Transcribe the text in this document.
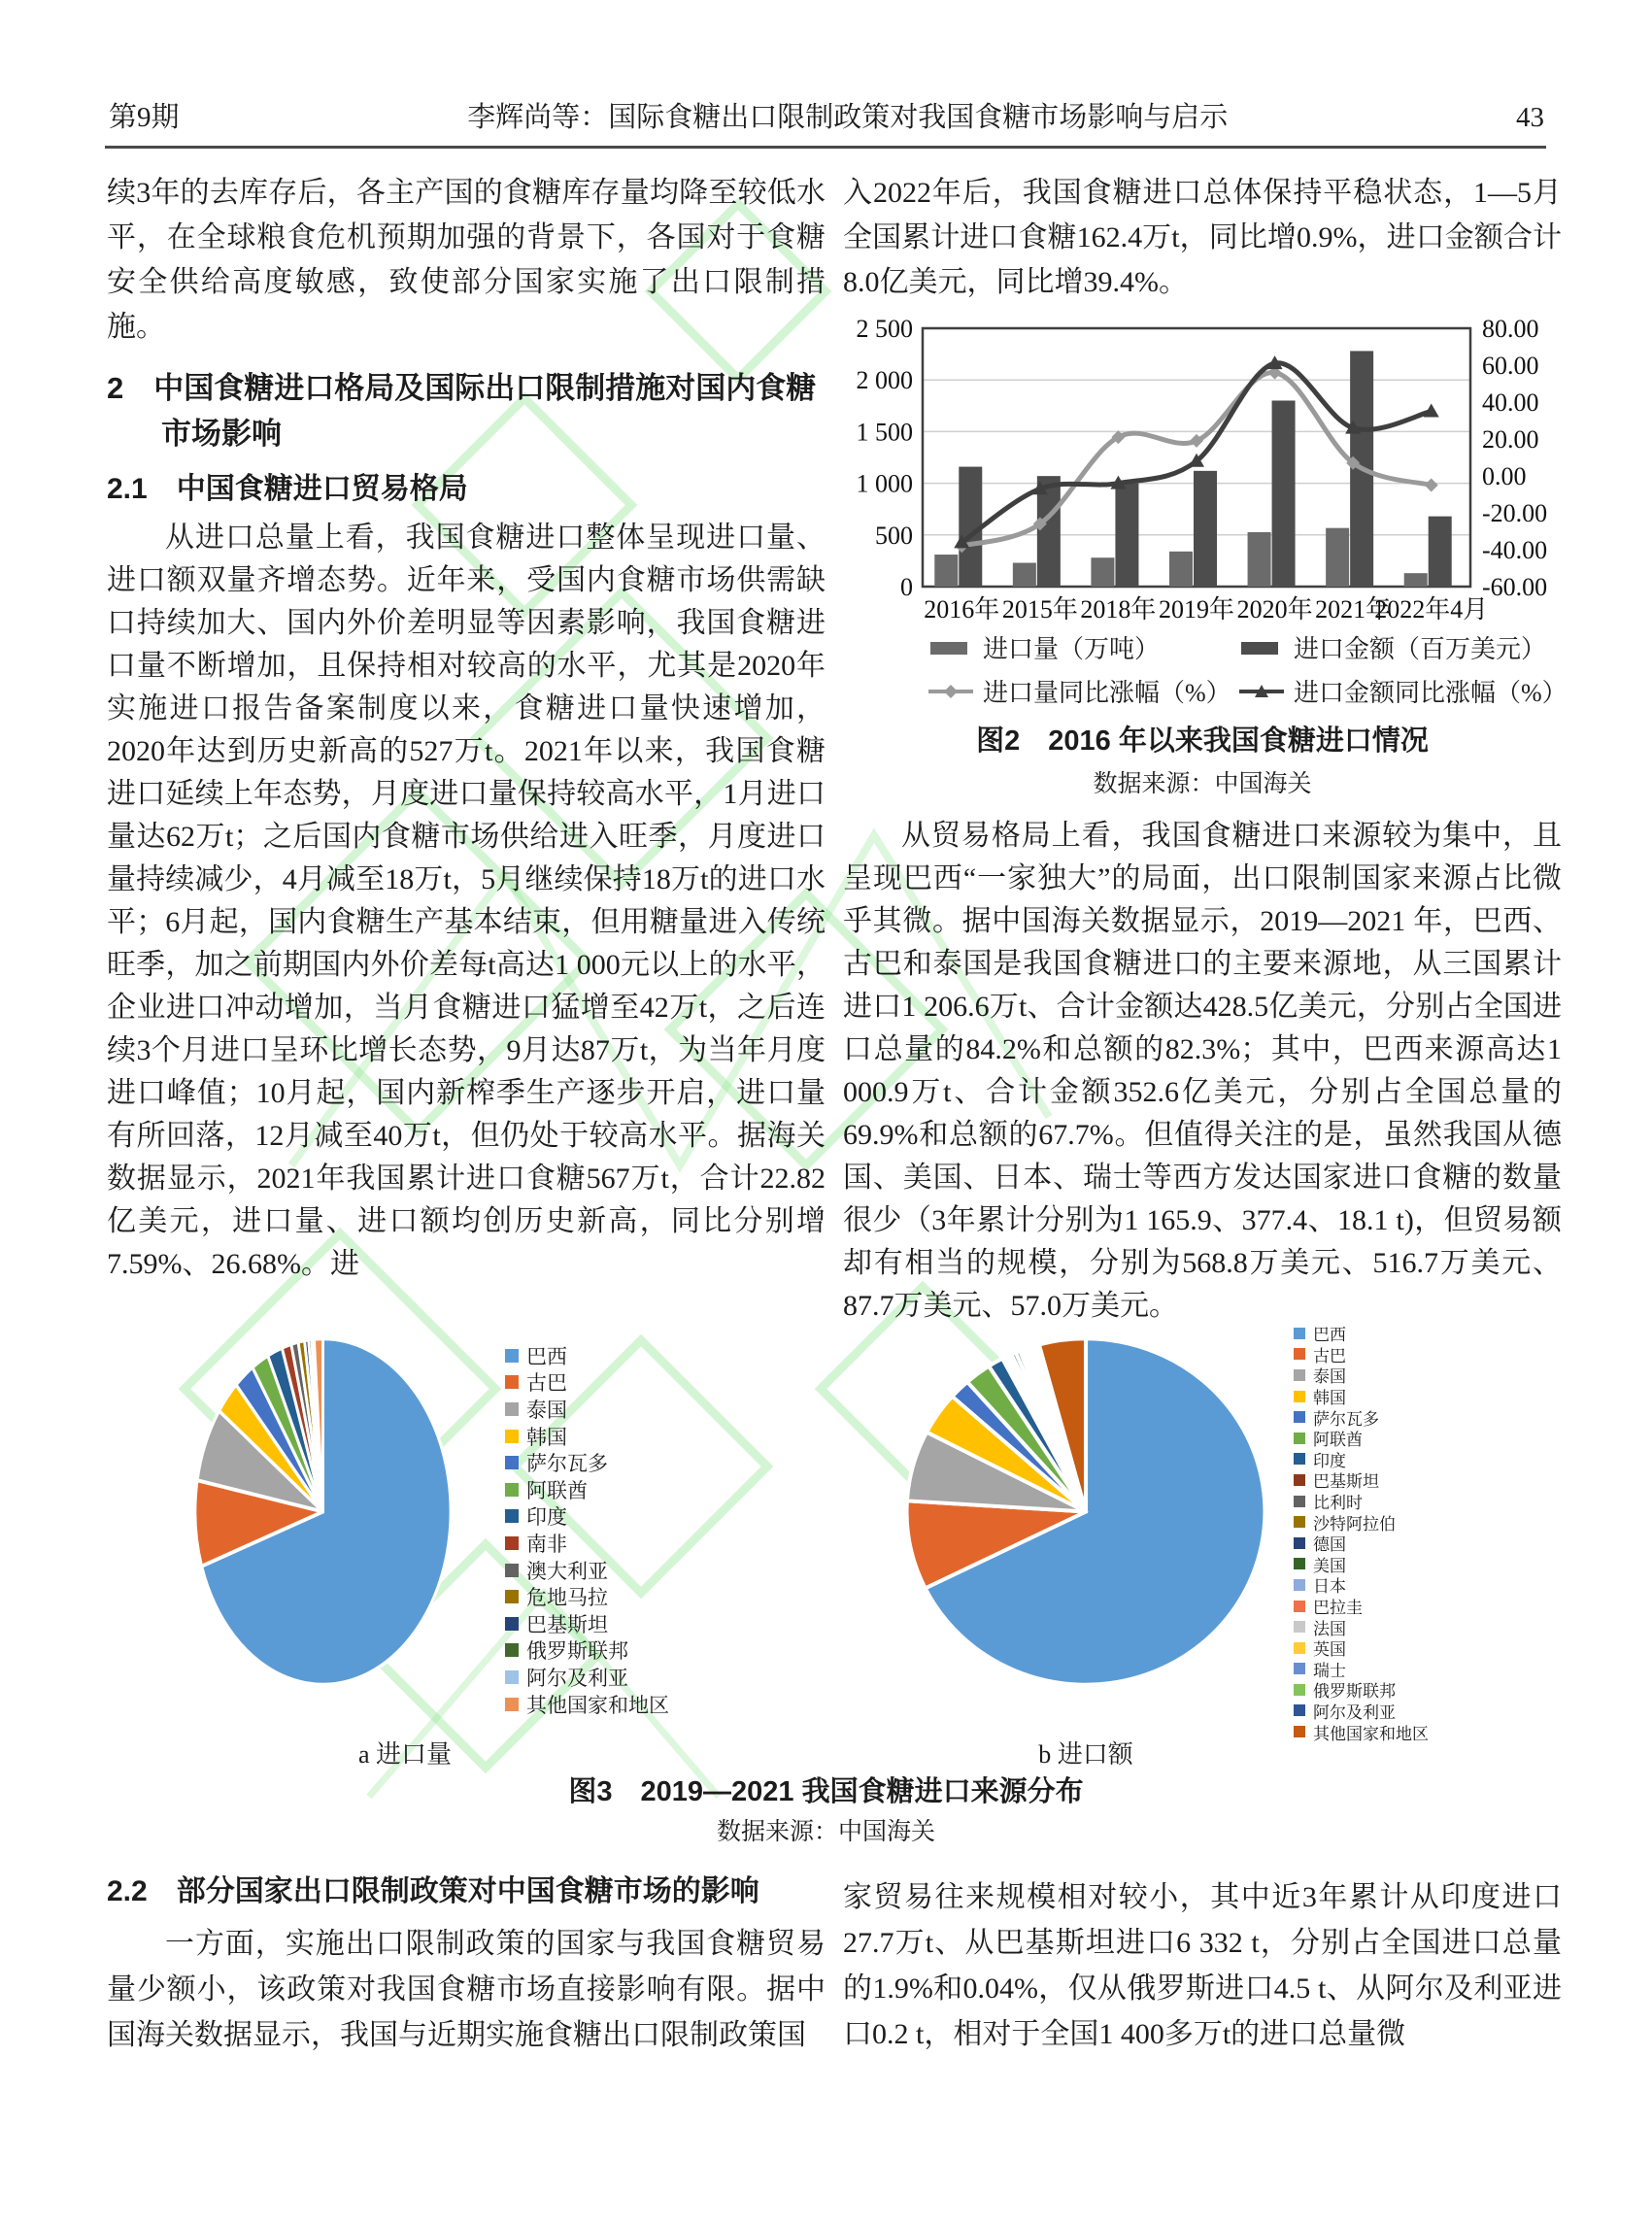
第9期	李辉尚等：国际食糖出口限制政策对我国食糖市场影响与启示	43
续3年的去库存后，各主产国的食糖库存量均降至较低水平，在全球粮食危机预期加强的背景下，各国对于食糖安全供给高度敏感，致使部分国家实施了出口限制措施。
2　中国食糖进口格局及国际出口限制措施对国内食糖市场影响
2.1　中国食糖进口贸易格局
从进口总量上看，我国食糖进口整体呈现进口量、进口额双量齐增态势。近年来，受国内食糖市场供需缺口持续加大、国内外价差明显等因素影响，我国食糖进口量不断增加，且保持相对较高的水平，尤其是2020年实施进口报告备案制度以来，食糖进口量快速增加，2020年达到历史新高的527万t。2021年以来，我国食糖进口延续上年态势，月度进口量保持较高水平，1月进口量达62万t；之后国内食糖市场供给进入旺季，月度进口量持续减少，4月减至18万t，5月继续保持18万t的进口水平；6月起，国内食糖生产基本结束，但用糖量进入传统旺季，加之前期国内外价差每t高达1 000元以上的水平，企业进口冲动增加，当月食糖进口猛增至42万t，之后连续3个月进口呈环比增长态势，9月达87万t，为当年月度进口峰值；10月起，国内新榨季生产逐步开启，进口量有所回落，12月减至40万t，但仍处于较高水平。据海关数据显示，2021年我国累计进口食糖567万t，合计22.82亿美元，进口量、进口额均创历史新高，同比分别增7.59%、26.68%。进
入2022年后，我国食糖进口总体保持平稳状态，1—5月全国累计进口食糖162.4万t，同比增0.9%，进口金额合计8.0亿美元，同比增39.4%。
0
500
1 000
1 500
2 000
2 500
-60.00
-40.00
-20.00
0.00
20.00
40.00
60.00
80.00
2016年 2015年 2018年 2019年 2020年 2021年
2022年4月
进口量（万吨）	进口金额（百万美元）
进口量同比涨幅（%） 进口金额同比涨幅（%）
图2　2016 年以来我国食糖进口情况
数据来源：中国海关
从贸易格局上看，我国食糖进口来源较为集中，且呈现巴西“一家独大”的局面，出口限制国家来源占比微乎其微。据中国海关数据显示，2019—2021 年，巴西、古巴和泰国是我国食糖进口的主要来源地，从三国累计进口1 206.6万t、合计金额达428.5亿美元，分别占全国进口总量的84.2%和总额的82.3%；其中，巴西来源高达1 000.9万t、合计金额352.6亿美元，分别占全国总量的69.9%和总额的67.7%。但值得关注的是，虽然我国从德国、美国、日本、瑞士等西方发达国家进口食糖的数量很少（3年累计分别为1 165.9、377.4、18.1 t)，但贸易额却有相当的规模，分别为568.8万美元、516.7万美元、87.7万美元、57.0万美元。
巴西
古巴
泰国
韩国
萨尔瓦多
阿联酋
印度
南非
澳大利亚
危地马拉
巴基斯坦
俄罗斯联邦
阿尔及利亚
其他国家和地区
a 进口量
巴西
古巴
泰国
韩国
萨尔瓦多
阿联酋
印度
巴基斯坦
比利时
沙特阿拉伯
德国
美国
日本
巴拉圭
法国
英国
瑞士
俄罗斯联邦
阿尔及利亚
其他国家和地区
b 进口额
图3　2019—2021 我国食糖进口来源分布
数据来源：中国海关
2.2　部分国家出口限制政策对中国食糖市场的影响
一方面，实施出口限制政策的国家与我国食糖贸易量少额小，该政策对我国食糖市场直接影响有限。据中国海关数据显示，我国与近期实施食糖出口限制政策国
家贸易往来规模相对较小，其中近3年累计从印度进口27.7万t、从巴基斯坦进口6 332 t，分别占全国进口总量的1.9%和0.04%，仅从俄罗斯进口4.5 t、从阿尔及利亚进口0.2 t，相对于全国1 400多万t的进口总量微
